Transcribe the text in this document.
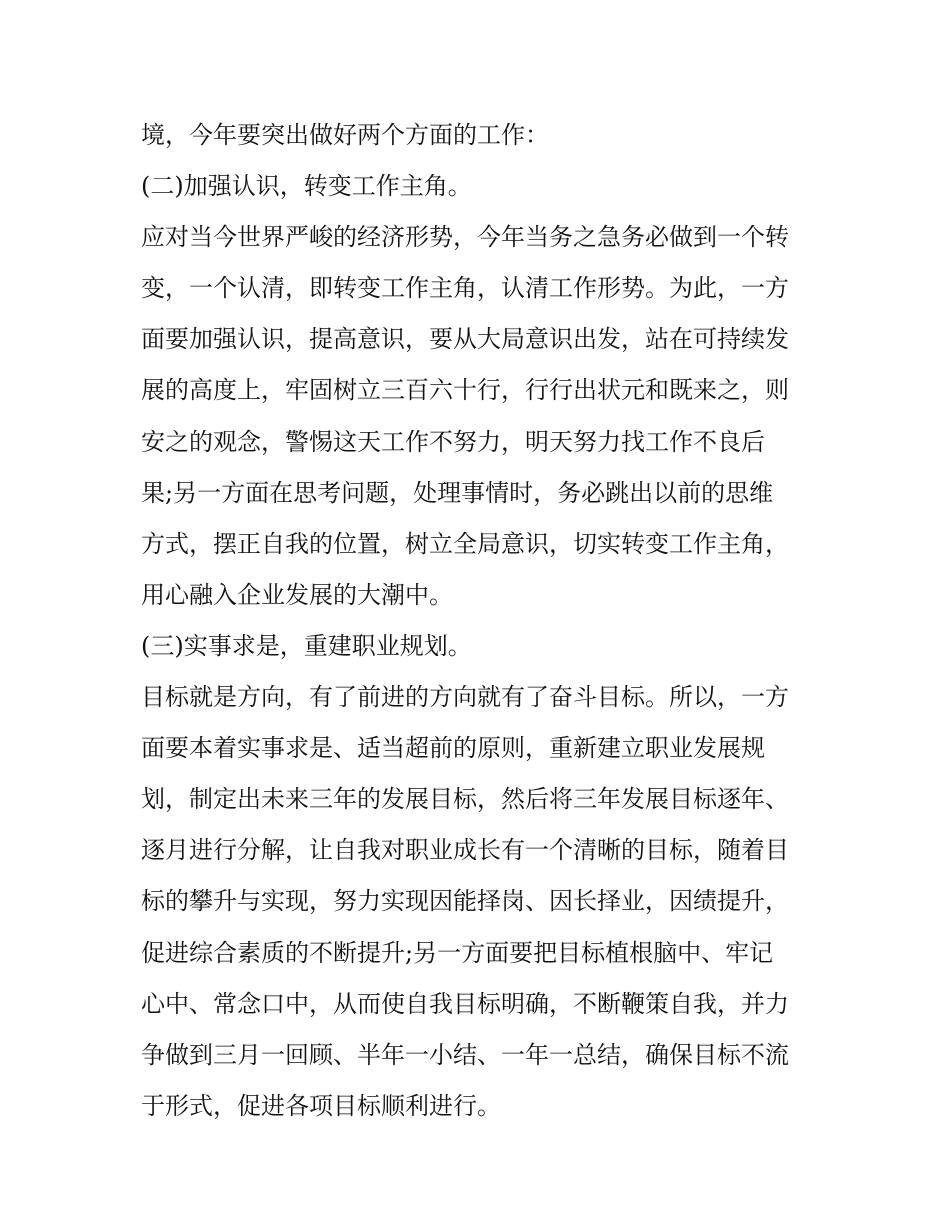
境，今年要突出做好两个方面的工作：
(二)加强认识，转变工作主角。
应对当今世界严峻的经济形势，今年当务之急务必做到一个转
变，一个认清，即转变工作主角，认清工作形势。为此，一方
面要加强认识，提高意识，要从大局意识出发，站在可持续发
展的高度上，牢固树立三百六十行，行行出状元和既来之，则
安之的观念，警惕这天工作不努力，明天努力找工作不良后
果;另一方面在思考问题，处理事情时，务必跳出以前的思维
方式，摆正自我的位置，树立全局意识，切实转变工作主角，
用心融入企业发展的大潮中。
(三)实事求是，重建职业规划。
目标就是方向，有了前进的方向就有了奋斗目标。所以，一方
面要本着实事求是、适当超前的原则，重新建立职业发展规
划，制定出未来三年的发展目标，然后将三年发展目标逐年、
逐月进行分解，让自我对职业成长有一个清晰的目标，随着目
标的攀升与实现，努力实现因能择岗、因长择业，因绩提升，
促进综合素质的不断提升;另一方面要把目标植根脑中、牢记
心中、常念口中，从而使自我目标明确，不断鞭策自我，并力
争做到三月一回顾、半年一小结、一年一总结，确保目标不流
于形式，促进各项目标顺利进行。
